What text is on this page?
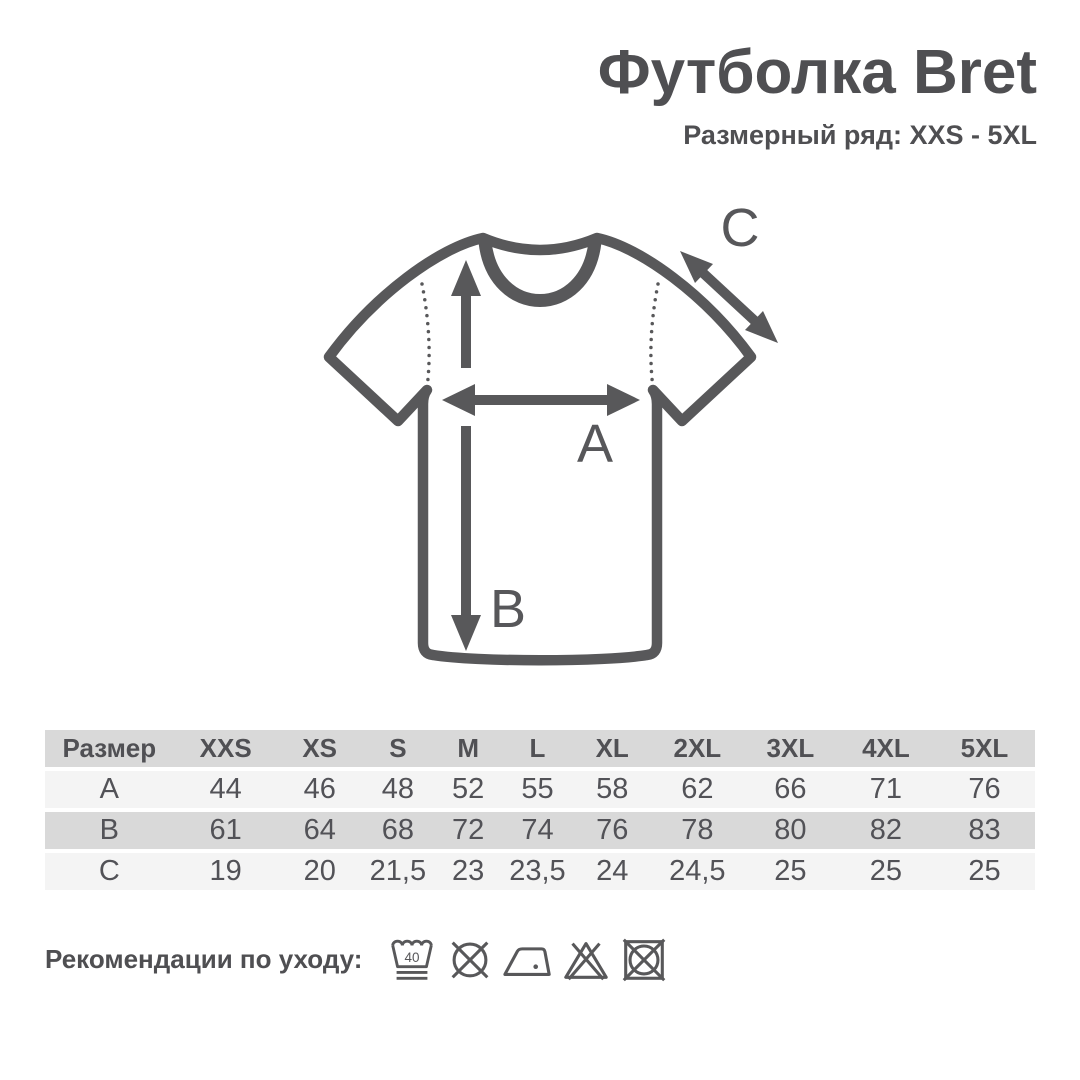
Футболка Bret
Размерный ряд: XXS - 5XL
A
B
C
Размер	XXS	XS	S	M	L	XL	2XL	3XL	4XL	5XL
A	44	46	48	52	55	58	62	66	71	76
B	61	64	68	72	74	76	78	80	82	83
C	19	20	21,5	23	23,5	24	24,5	25	25	25
Рекомендации по уходу:	40
